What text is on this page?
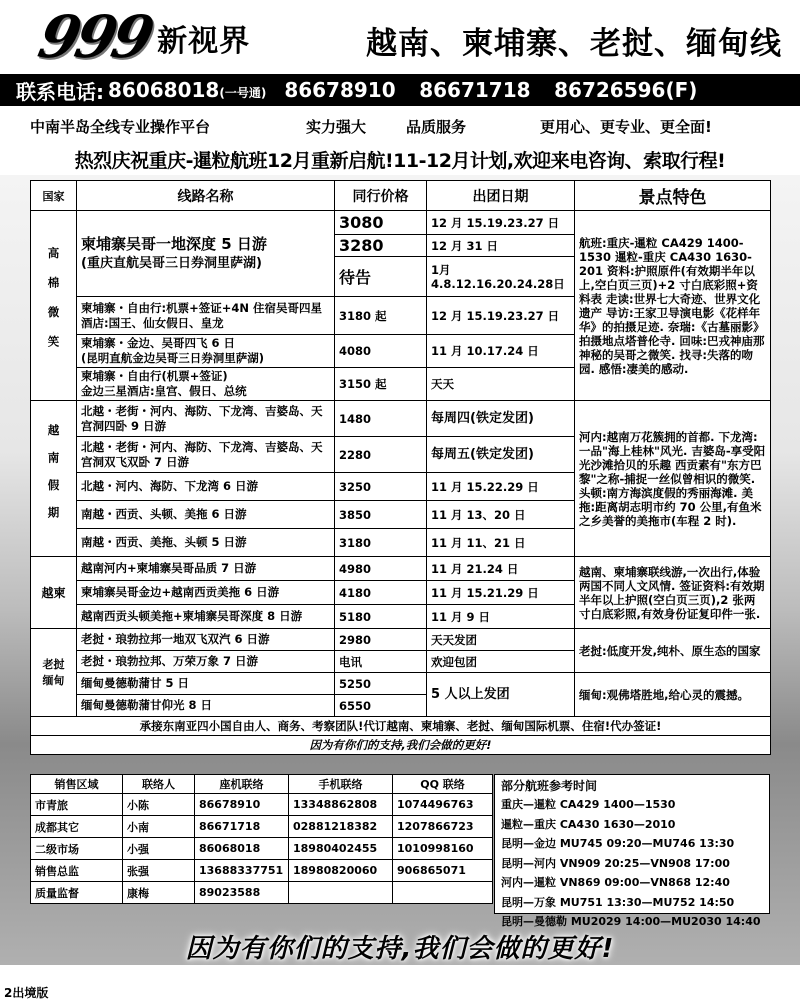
999 新视界	越南、柬埔寨、老挝、缅甸线
联系电话: 86068018(一号通) 86678910 86671718 86726596(F)
中南半岛全线专业操作平台	实力强大	品质服务	更用心、更专业、更全面!
热烈庆祝重庆-暹粒航班12月重新启航!11-12月计划,欢迎来电咨询、索取行程!
国家	线路名称	同行价格	出团日期	景点特色
高棉微笑	柬埔寨吴哥一地深度 5 日游
(重庆直航吴哥三日券洞里萨湖)	3080	12 月 15.19.23.27 日	航班:重庆-暹粒 CA429 1400-1530 暹粒-重庆 CA430 1630-201 资料:护照原件(有效期半年以上,空白页三页)+2 寸白底彩照+资料表 走读:世界七大奇迹、世界文化遗产 导访:王家卫导演电影《花样年华》的拍摄足迹. 奈瑞:《古墓丽影》拍摄地点塔普伦寺. 回味:巴戎神庙那神秘的吴哥之微笑. 找寻:失落的吻园. 感悟:凄美的感动.
		3280	12 月 31 日	
		待告	1月4.8.12.16.20.24.28日	
	柬埔寨・自由行:机票+签证+4N 住宿吴哥四星酒店:国王、仙女假日、皇龙	3180 起	12 月 15.19.23.27 日	

	柬埔寨・金边、吴哥四飞 6 日
(昆明直航金边吴哥三日券洞里萨湖)	4080	11 月 10.17.24 日	

	柬埔寨・自由行(机票+签证)
金边三星酒店:皇宫、假日、总统	3150 起	天天	

越南假期	北越・老街・河内、海防、下龙湾、吉婆岛、天宫洞四卧 9 日游	1480	每周四(铁定发团)	河内:越南万花簇拥的首都. 下龙湾:一品"海上桂林"风光. 吉婆岛-享受阳光沙滩拾贝的乐趣 西贡素有"东方巴黎"之称-捕捉一丝似曾相识的微笑. 头顿:南方海滨度假的秀丽海滩. 美拖:距离胡志明市约 70 公里,有鱼米之乡美誉的美拖市(车程 2 时).
	北越・老街・河内、海防、下龙湾、吉婆岛、天宫洞双飞双卧 7 日游	2280	每周五(铁定发团)	
	北越・河内、海防、下龙湾 6 日游	3250	11 月 15.22.29 日	
	南越・西贡、头顿、美拖 6 日游	3850	11 月 13、20 日	
	南越・西贡、美拖、头顿 5 日游	3180	11 月 11、21 日	
越柬	越南河内+柬埔寨吴哥品质 7 日游	4980	11 月 21.24 日	越南、柬埔寨联线游,一次出行,体验两国不同人文风情. 签证资料:有效期半年以上护照(空白页三页),2 张两寸白底彩照,有效身份证复印件一张.
	柬埔寨吴哥金边+越南西贡美拖 6 日游	4180	11 月 15.21.29 日	
	越南西贡头顿美拖+柬埔寨吴哥深度 8 日游	5180	11 月 9 日	

老挝
缅甸	老挝・琅勃拉邦一地双飞双汽 6 日游	2980	天天发团	老挝:低度开发,纯朴、原生态的国家
	老挝・琅勃拉邦、万荣万象 7 日游	电讯	欢迎包团	
	缅甸曼德勒蒲甘 5 日	5250	5 人以上发团	缅甸:观佛塔胜地,给心灵的震撼。
	缅甸曼德勒蒲甘仰光 8 日	6550		
承接东南亚四小国自由人、商务、考察团队!代订越南、柬埔寨、老挝、缅甸国际机票、住宿!代办签证!				
因为有你们的支持,我们会做的更好!				
销售区域	联络人	座机联络	手机联络	QQ 联络
市青旅	小陈	86678910	13348862808	1074496763
成都其它	小南	86671718	02881218382	1207866723
二级市场	小强	86068018	18980402455	1010998160
销售总监	张强	13688337751	18980820060	906865071
质量监督	康梅	89023588		
部分航班参考时间
重庆—暹粒 CA429 1400—1530
暹粒—重庆 CA430 1630—2010
昆明—金边 MU745 09:20—MU746 13:30
昆明—河内 VN909 20:25—VN908 17:00
河内—暹粒 VN869 09:00—VN868 12:40
昆明—万象 MU751 13:30—MU752 14:50
昆明—曼德勒 MU2029 14:00—MU2030 14:40
因为有你们的支持,我们会做的更好!
2出境版
